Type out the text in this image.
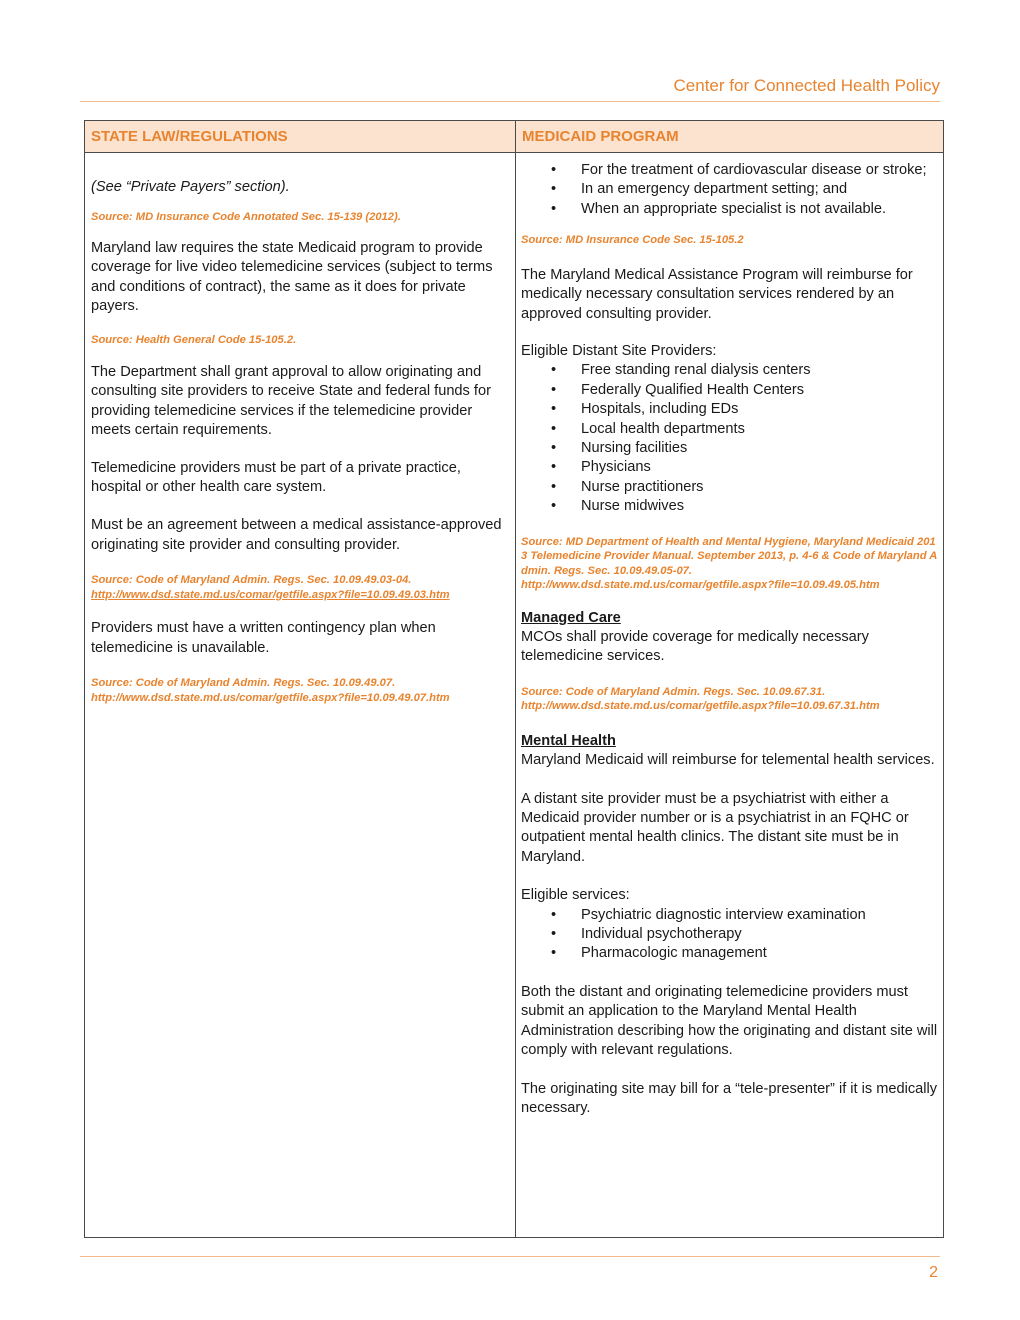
Center for Connected Health Policy
STATE LAW/REGULATIONS	MEDICAID PROGRAM

(See “Private Payers” section).

Source: MD Insurance Code Annotated Sec. 15-139 (2012).

Maryland law requires the state Medicaid program to provide coverage for live video telemedicine services (subject to terms and conditions of contract), the same as it does for private payers.

Source: Health General Code 15-105.2.

The Department shall grant approval to allow originating and consulting site providers to receive State and federal funds for providing telemedicine services if the telemedicine provider meets certain requirements.

Telemedicine providers must be part of a private practice, hospital or other health care system.

Must be an agreement between a medical assistance-approved originating site provider and consulting provider.

Source: Code of Maryland Admin. Regs. Sec. 10.09.49.03-04.
http://www.dsd.state.md.us/comar/getfile.aspx?file=10.09.49.03.htm

Providers must have a written contingency plan when telemedicine is unavailable.

Source: Code of Maryland Admin. Regs. Sec. 10.09.49.07.
http://www.dsd.state.md.us/comar/getfile.aspx?file=10.09.49.07.htm
• For the treatment of cardiovascular disease or stroke;
• In an emergency department setting; and
• When an appropriate specialist is not available.

Source: MD Insurance Code Sec. 15-105.2

The Maryland Medical Assistance Program will reimburse for medically necessary consultation services rendered by an approved consulting provider.

Eligible Distant Site Providers:

• Free standing renal dialysis centers
• Federally Qualified Health Centers
• Hospitals, including EDs
• Local health departments
• Nursing facilities
• Physicians
• Nurse practitioners
• Nurse midwives
Source: MD Department of Health and Mental Hygiene, Maryland Medicaid 2013 Telemedicine Provider Manual. September 2013, p. 4-6 & Code of Maryland Admin. Regs. Sec. 10.09.49.05-07.
http://www.dsd.state.md.us/comar/getfile.aspx?file=10.09.49.05.htm

Managed Care

MCOs shall provide coverage for medically necessary telemedicine services.

Source: Code of Maryland Admin. Regs. Sec. 10.09.67.31.
http://www.dsd.state.md.us/comar/getfile.aspx?file=10.09.67.31.htm

Mental Health

Maryland Medicaid will reimburse for telemental health services.

A distant site provider must be a psychiatrist with either a Medicaid provider number or is a psychiatrist in an FQHC or outpatient mental health clinics. The distant site must be in Maryland.

Eligible services:

• Psychiatric diagnostic interview examination
• Individual psychotherapy
• Pharmacologic management

Both the distant and originating telemedicine providers must submit an application to the Maryland Mental Health Administration describing how the originating and distant site will comply with relevant regulations.

The originating site may bill for a “tele-presenter” if it is medically necessary.

2
